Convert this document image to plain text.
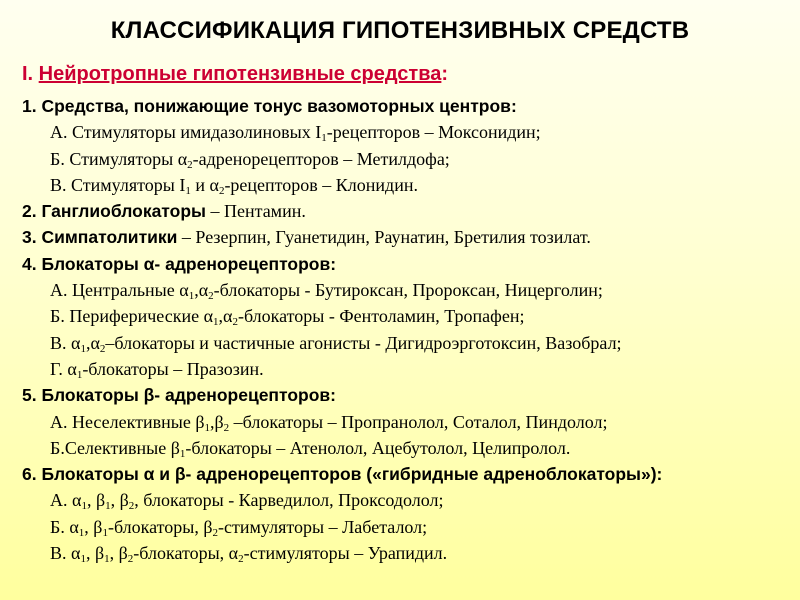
КЛАССИФИКАЦИЯ ГИПОТЕНЗИВНЫХ СРЕДСТВ
I. Нейротропные гипотензивные средства:
1. Средства, понижающие тонус вазомоторных центров:
А. Стимуляторы имидазолиновых $I_1$-рецепторов – Моксонидин;
Б. Стимуляторы $\alpha_2$-адренорецепторов – Метилдофа;
В. Стимуляторы $I_1$ и $\alpha_2$-рецепторов – Клонидин.
2. Ганглиоблокаторы – Пентамин.
3. Симпатолитики – Резерпин, Гуанетидин, Раунатин, Бретилия тозилат.
4. Блокаторы α- адренорецепторов:
А. Центральные $\alpha_1,\alpha_2$-блокаторы - Бутироксан, Пророксан, Ницерголин;
Б. Периферические $\alpha_1,\alpha_2$-блокаторы - Фентоламин, Тропафен;
В. $\alpha_1,\alpha_2$–блокаторы и частичные агонисты - Дигидроэрготоксин, Вазобрал;
Г. $\alpha_1$-блокаторы – Празозин.
5. Блокаторы β- адренорецепторов:
А. Неселективные $\beta_1,\beta_2$ –блокаторы – Пропранолол, Соталол, Пиндолол;
Б.Селективные $\beta_1$-блокаторы – Атенолол, Ацебутолол, Целипролол.
6. Блокаторы α и β- адренорецепторов («гибридные адреноблокаторы»):
А. $\alpha_1$, $\beta_1$, $\beta_2$, блокаторы - Карведилол, Проксодолол;
Б. $\alpha_1$, $\beta_1$-блокаторы, $\beta_2$-стимуляторы – Лабеталол;
В. $\alpha_1$, $\beta_1$, $\beta_2$-блокаторы, $\alpha_2$-стимуляторы – Урапидил.
